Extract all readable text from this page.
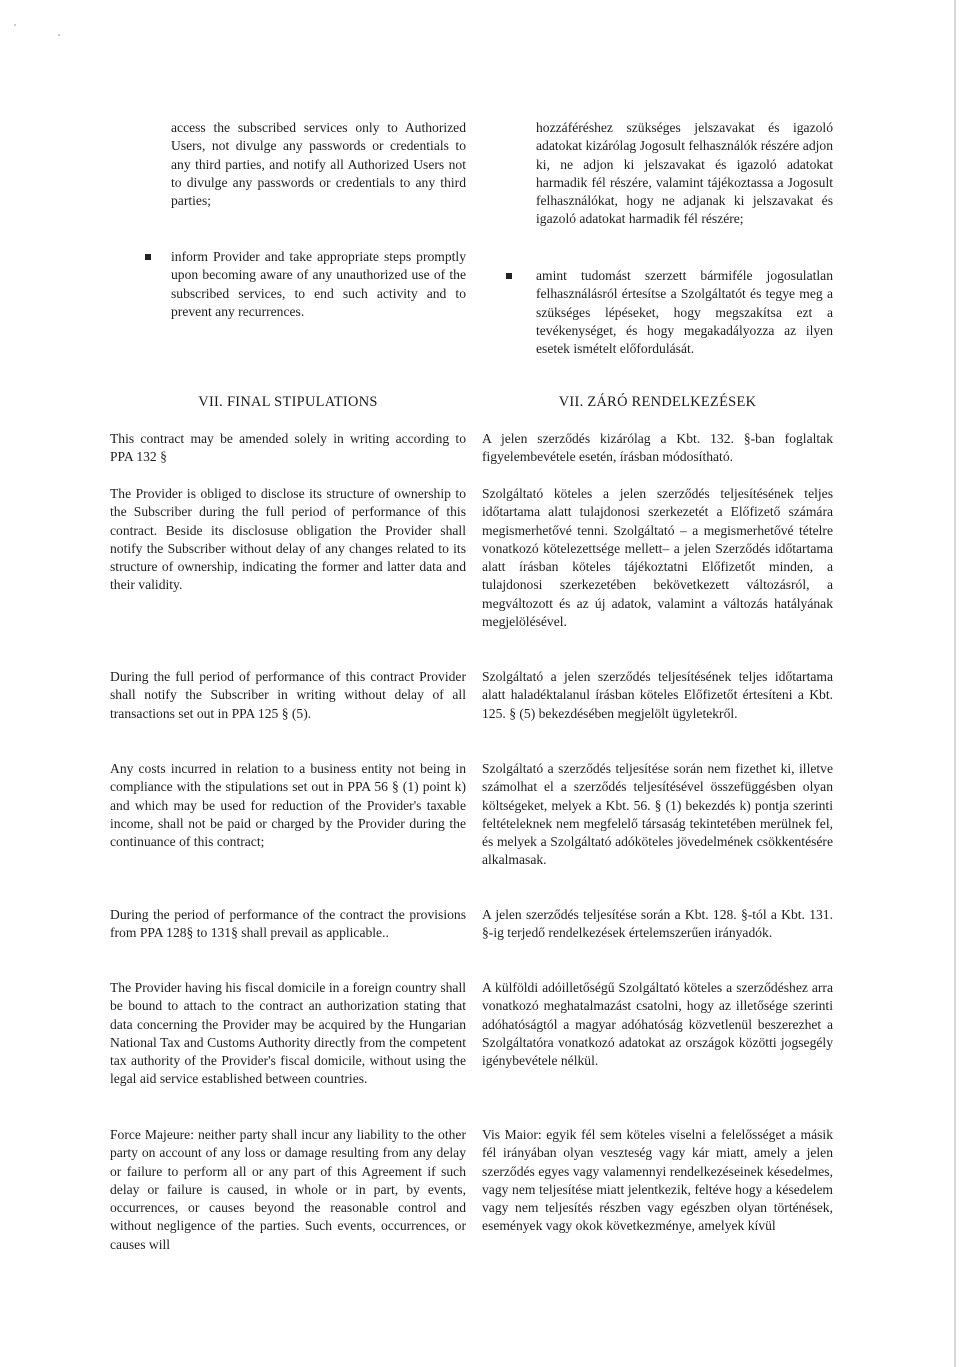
access the subscribed services only to Authorized Users, not divulge any passwords or credentials to any third parties, and notify all Authorized Users not to divulge any passwords or credentials to any third parties;

inform Provider and take appropriate steps promptly upon becoming aware of any unauthorized use of the subscribed services, to end such activity and to prevent any recurrences.

VII. FINAL STIPULATIONS

This contract may be amended solely in writing according to PPA 132 §

The Provider is obliged to disclose its structure of ownership to the Subscriber during the full period of performance of this contract. Beside its disclosuse obligation the Provider shall notify the Subscriber without delay of any changes related to its structure of ownership, indicating the former and latter data and their validity.

During the full period of performance of this contract Provider shall notify the Subscriber in writing without delay of all transactions set out in PPA 125 § (5).

Any costs incurred in relation to a business entity not being in compliance with the stipulations set out in PPA 56 § (1) point k) and which may be used for reduction of the Provider's taxable income, shall not be paid or charged by the Provider during the continuance of this contract;

During the period of performance of the contract the provisions from PPA 128§ to 131§ shall prevail as applicable..

The Provider having his fiscal domicile in a foreign country shall be bound to attach to the contract an authorization stating that data concerning the Provider may be acquired by the Hungarian National Tax and Customs Authority directly from the competent tax authority of the Provider's fiscal domicile, without using the legal aid service established between countries.

Force Majeure: neither party shall incur any liability to the other party on account of any loss or damage resulting from any delay or failure to perform all or any part of this Agreement if such delay or failure is caused, in whole or in part, by events, occurrences, or causes beyond the reasonable control and without negligence of the parties. Such events, occurrences, or causes will

hozzáféréshez szükséges jelszavakat és igazoló adatokat kizárólag Jogosult felhasználók részére adjon ki, ne adjon ki jelszavakat és igazoló adatokat harmadik fél részére, valamint tájékoztassa a Jogosult felhasználókat, hogy ne adjanak ki jelszavakat és igazoló adatokat harmadik fél részére;

amint tudomást szerzett bármiféle jogosulatlan felhasználásról értesítse a Szolgáltatót és tegye meg a szükséges lépéseket, hogy megszakítsa ezt a tevékenységet, és hogy megakadályozza az ilyen esetek ismételt előfordulását.

VII. ZÁRÓ RENDELKEZÉSEK

A jelen szerződés kizárólag a Kbt. 132. §-ban foglaltak figyelembevétele esetén, írásban módosítható.

Szolgáltató köteles a jelen szerződés teljesítésének teljes időtartama alatt tulajdonosi szerkezetét a Előfizető számára megismerhetővé tenni. Szolgáltató – a megismerhetővé tételre vonatkozó kötelezettsége mellett– a jelen Szerződés időtartama alatt írásban köteles tájékoztatni Előfizetőt minden, a tulajdonosi szerkezetében bekövetkezett változásról, a megváltozott és az új adatok, valamint a változás hatályának megjelölésével.

Szolgáltató a jelen szerződés teljesítésének teljes időtartama alatt haladéktalanul írásban köteles Előfizetőt értesíteni a Kbt. 125. § (5) bekezdésében megjelölt ügyletekről.

Szolgáltató a szerződés teljesítése során nem fizethet ki, illetve számolhat el a szerződés teljesítésével összefüggésben olyan költségeket, melyek a Kbt. 56. § (1) bekezdés k) pontja szerinti feltételeknek nem megfelelő társaság tekintetében merülnek fel, és melyek a Szolgáltató adóköteles jövedelmének csökkentésére alkalmasak.

A jelen szerződés teljesítése során a Kbt. 128. §-tól a Kbt. 131. §-ig terjedő rendelkezések értelemszerűen irányadók.

A külföldi adóilletőségű Szolgáltató köteles a szerződéshez arra vonatkozó meghatalmazást csatolni, hogy az illetősége szerinti adóhatóságtól a magyar adóhatóság közvetlenül beszerezhet a Szolgáltatóra vonatkozó adatokat az országok közötti jogsegély igénybevétele nélkül.

Vis Maior: egyik fél sem köteles viselni a felelősséget a másik fél irányában olyan veszteség vagy kár miatt, amely a jelen szerződés egyes vagy valamennyi rendelkezéseinek késedelmes, vagy nem teljesítése miatt jelentkezik, feltéve hogy a késedelem vagy nem teljesítés részben vagy egészben olyan történések, események vagy okok következménye, amelyek kívül
